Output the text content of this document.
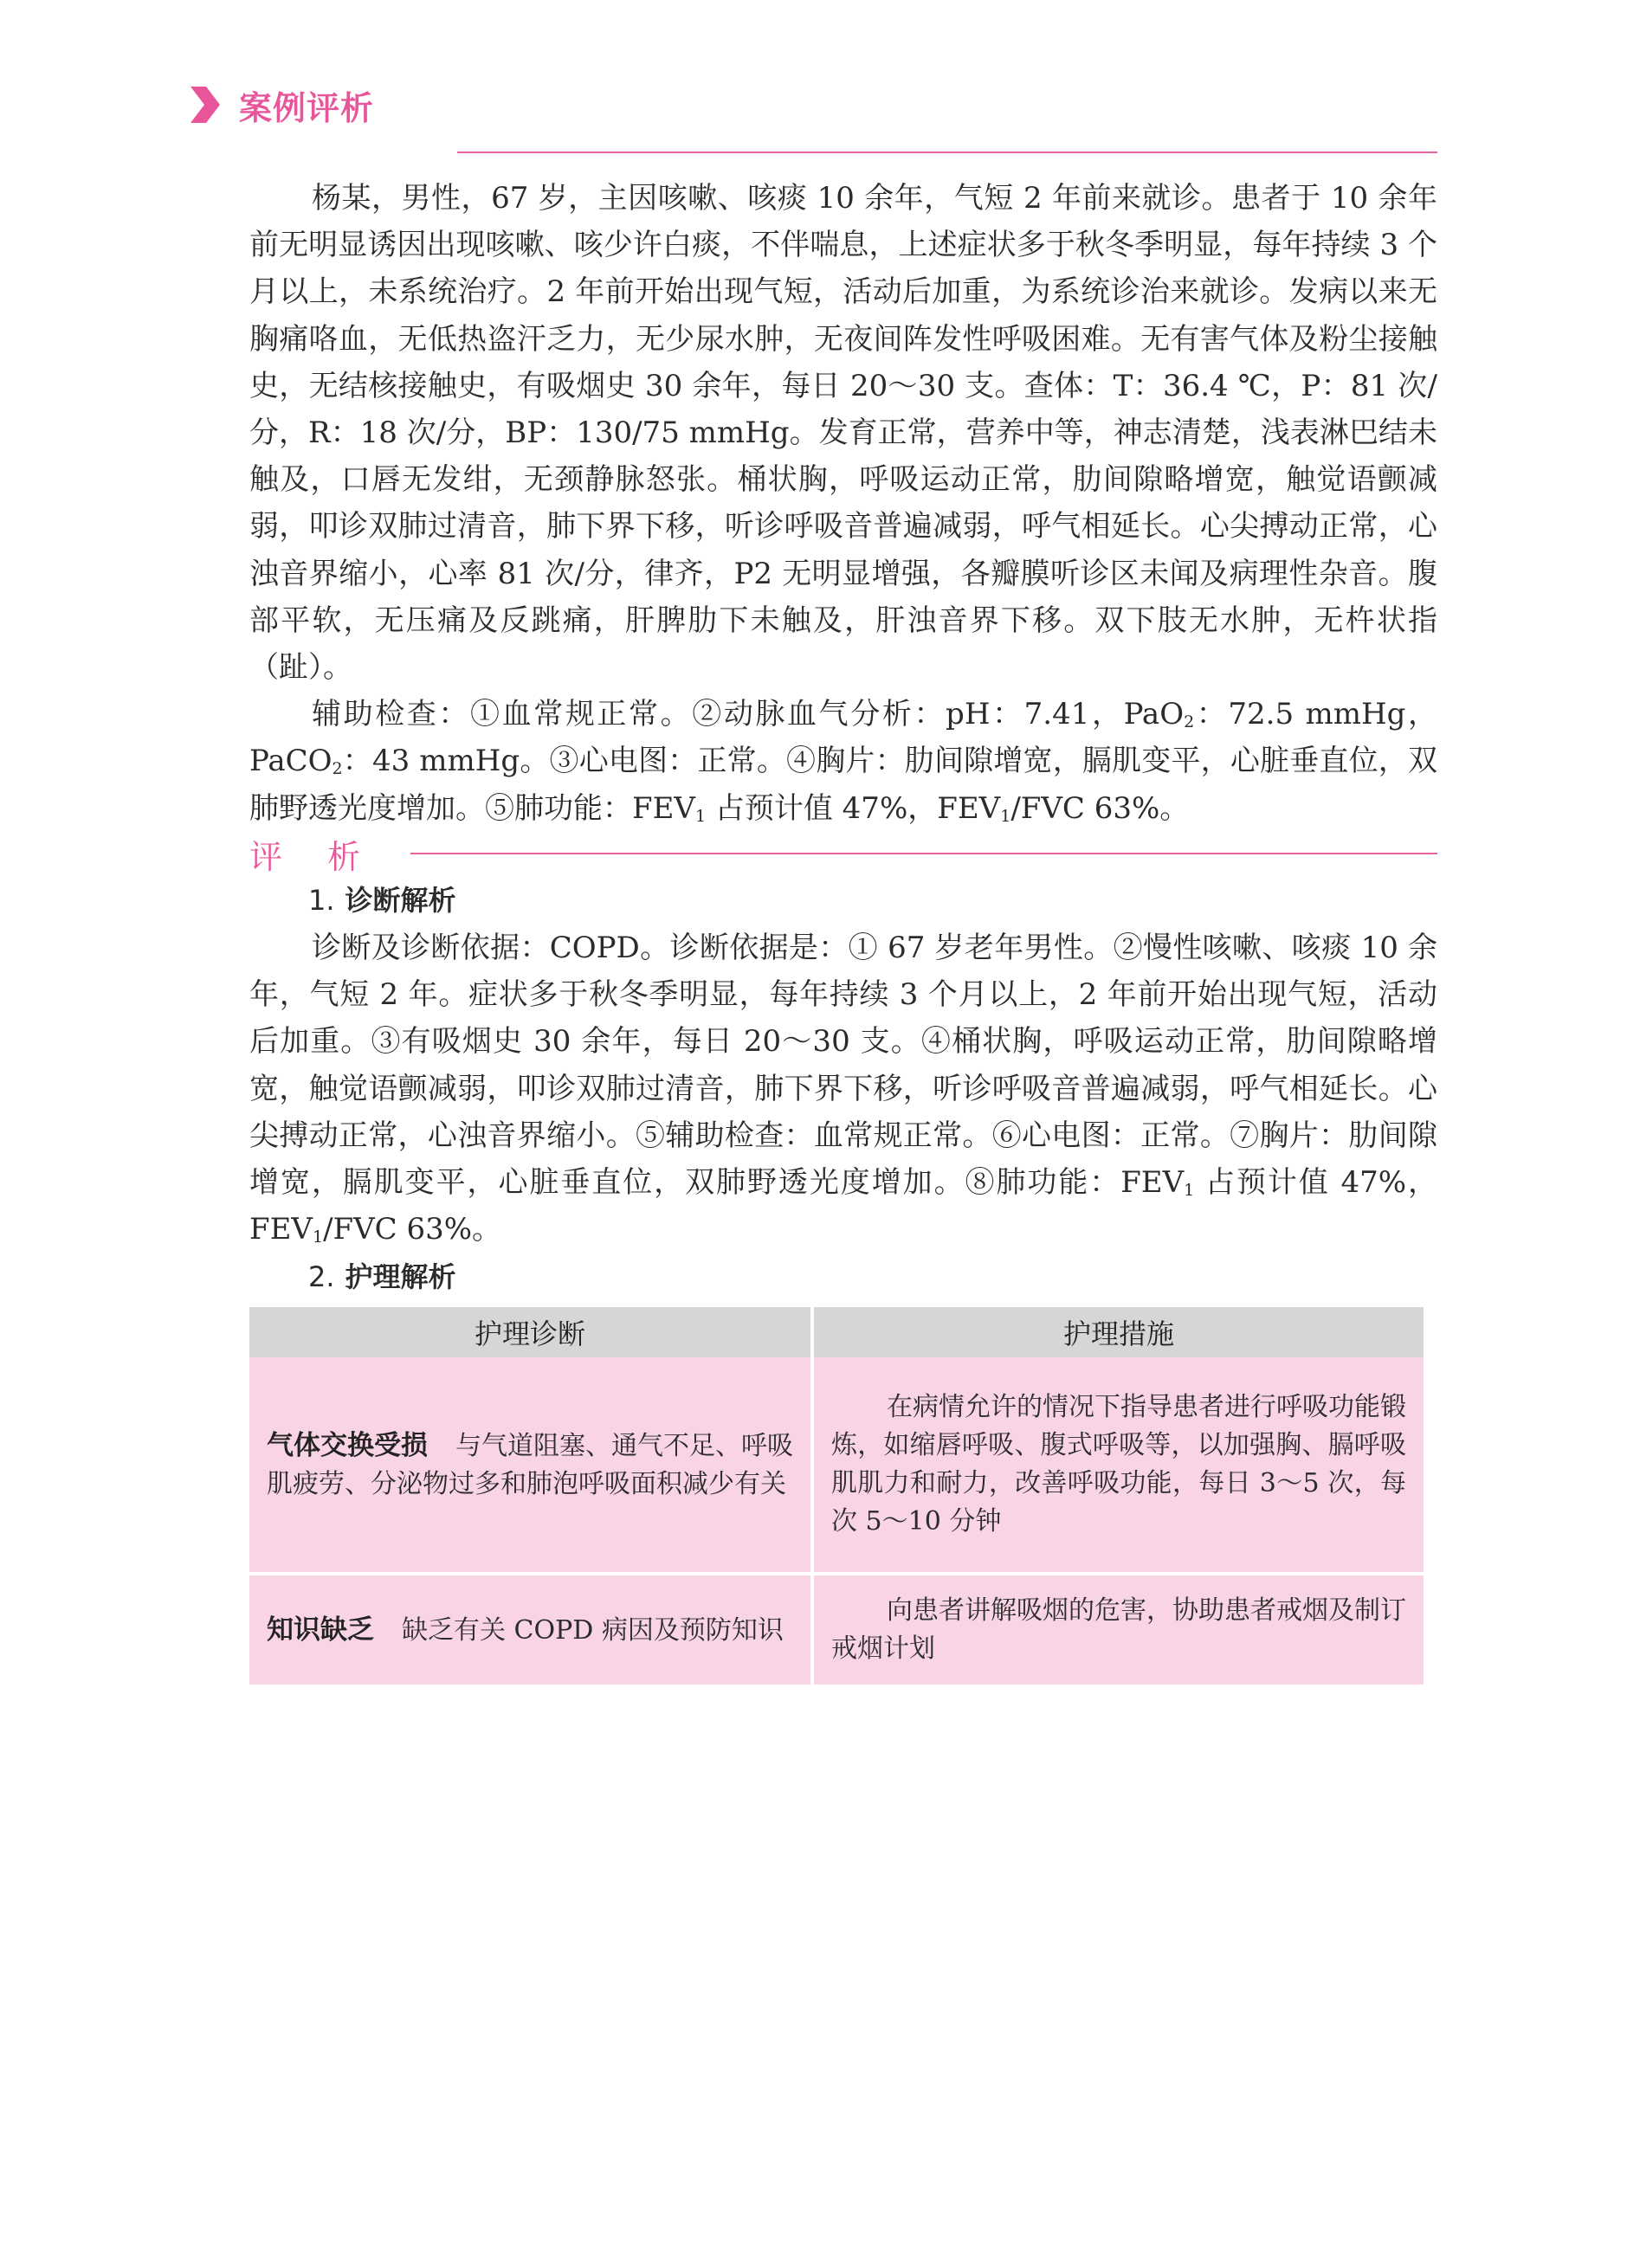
案例评析

杨某，男性，67 岁，主因咳嗽、咳痰 10 余年，气短 2 年前来就诊。患者于 10 余年前无明显诱因出现咳嗽、咳少许白痰，不伴喘息，上述症状多于秋冬季明显，每年持续 3 个月以上，未系统治疗。2 年前开始出现气短，活动后加重，为系统诊治来就诊。发病以来无胸痛咯血，无低热盗汗乏力，无少尿水肿，无夜间阵发性呼吸困难。无有害气体及粉尘接触史，无结核接触史，有吸烟史 30 余年，每日 20～30 支。查体：T：36.4 ℃，P：81 次/分，R：18 次/分，BP：130/75 mmHg。发育正常，营养中等，神志清楚，浅表淋巴结未触及，口唇无发绀，无颈静脉怒张。桶状胸，呼吸运动正常，肋间隙略增宽，触觉语颤减弱，叩诊双肺过清音，肺下界下移，听诊呼吸音普遍减弱，呼气相延长。心尖搏动正常，心浊音界缩小，心率 81 次/分，律齐，P2 无明显增强，各瓣膜听诊区未闻及病理性杂音。腹部平软，无压痛及反跳痛，肝脾肋下未触及，肝浊音界下移。双下肢无水肿，无杵状指（趾）。

辅助检查：①血常规正常。②动脉血气分析：pH：7.41，PaO$_2$：72.5 mmHg，PaCO$_2$：43 mmHg。③心电图：正常。④胸片：肋间隙增宽，膈肌变平，心脏垂直位，双肺野透光度增加。⑤肺功能：$FEV_1$ 占预计值 47%，$FEV_1$/FVC 63%。

评析

1. 诊断解析

诊断及诊断依据：COPD。诊断依据是：① 67 岁老年男性。②慢性咳嗽、咳痰 10 余年，气短 2 年。症状多于秋冬季明显，每年持续 3 个月以上，2 年前开始出现气短，活动后加重。③有吸烟史 30 余年，每日 20～30 支。④桶状胸，呼吸运动正常，肋间隙略增宽，触觉语颤减弱，叩诊双肺过清音，肺下界下移，听诊呼吸音普遍减弱，呼气相延长。心尖搏动正常，心浊音界缩小。⑤辅助检查：血常规正常。⑥心电图：正常。⑦胸片：肋间隙增宽，膈肌变平，心脏垂直位，双肺野透光度增加。⑧肺功能：$FEV_1$ 占预计值 47%，$FEV_1$/FVC 63%。

2. 护理解析

护理诊断	护理措施
气体交换受损 与气道阻塞、通气不足、呼吸肌疲劳、分泌物过多和肺泡呼吸面积减少有关	在病情允许的情况下指导患者进行呼吸功能锻炼，如缩唇呼吸、腹式呼吸等，以加强胸、膈呼吸肌肌力和耐力，改善呼吸功能，每日 3～5 次，每次 5～10 分钟

知识缺乏 缺乏有关 COPD 病因及预防知识	向患者讲解吸烟的危害，协助患者戒烟及制订戒烟计划
